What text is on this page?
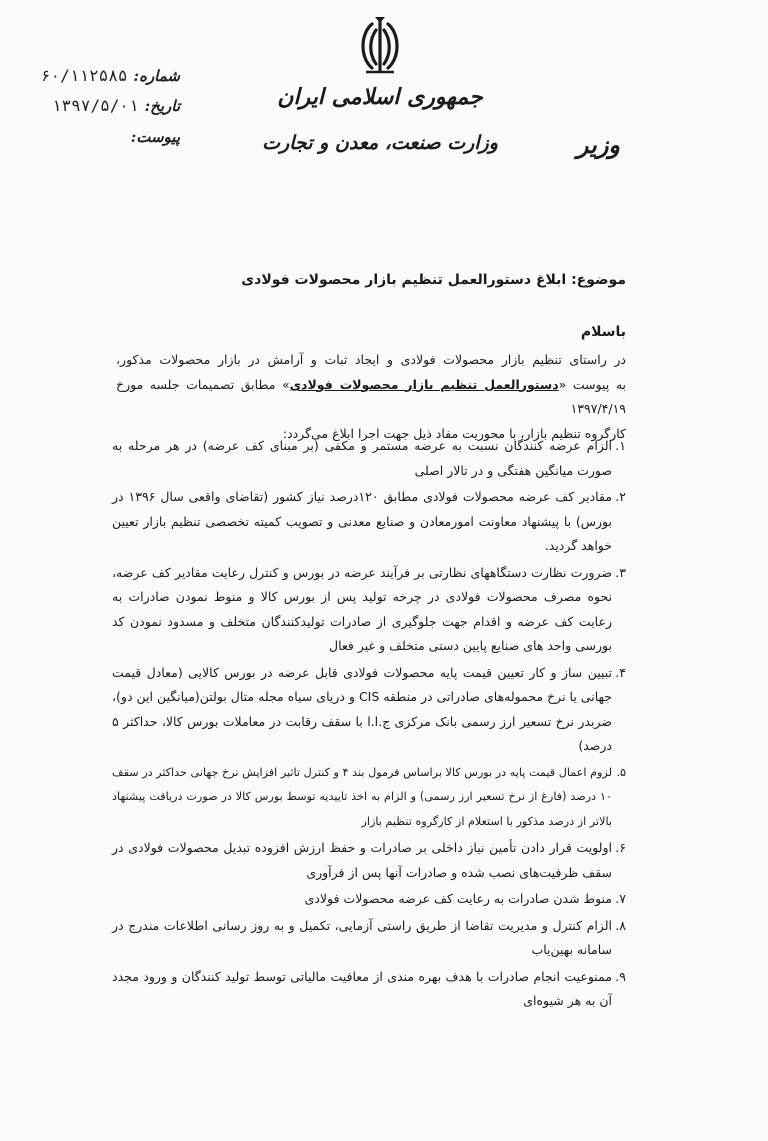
جمهوری اسلامی ایران
وزارت صنعت، معدن و تجارت	وزیر
شماره:۶۰/۱۱۲۵۸۵
تاریخ:۱۳۹۷/۵/۰۱
پیوست:
موضوع: ابلاغ دستورالعمل تنظیم بازار محصولات فولادی
باسلام
در راستای تنظیم بازار محصولات فولادی و ایجاد ثبات و آرامش در بازار محصولات مذکور،
به پیوست «دستورالعمل تنظیم بازار محصولات فولادی» مطابق تصمیمات جلسه مورخ ۱۳۹۷/۴/۱۹
کارگروه تنظیم بازار، با محوریت مفاد ذیل جهت اجرا ابلاغ می‌گردد:
۱.
الزام عرضه کنندگان نسبت به عرضه مستمر و مکفی (بر مبنای کف عرضه) در هر مرحله به صورت میانگین هفتگی و در تالار اصلی
۲.
مقادیر کف عرضه محصولات فولادی مطابق ۱۲۰درصد نیاز کشور (تقاضای واقعی سال ۱۳۹۶ در بورس) با پیشنهاد معاونت امورمعادن و صنایع معدنی و تصویب کمیته تخصصی تنظیم بازار تعیین خواهد گردید.
۳.
ضرورت نظارت دستگاههای نظارتی بر فرآیند عرضه در بورس و کنترل رعایت مقادیر کف عرضه، نحوه مصرف محصولات فولادی در چرخه تولید پس از بورس کالا و منوط نمودن صادرات به رعایت کف عرضه و اقدام جهت جلوگیری از صادرات تولیدکنندگان متخلف و مسدود نمودن کد بورسی واحد های صنایع پایین دستی متخلف و غیر فعال
۴.
تبیین ساز و کار تعیین قیمت پایه محصولات فولادی قابل عرضه در بورس کالایی (معادل قیمت جهانی یا نرخ محموله‌های صادراتی در منطقه CIS و دریای سیاه مجله متال بولتن(میانگین این دو)، ضربدر نرخ تسعیر ارز رسمی بانک مرکزی ج.ا.ا با سقف رقابت در معاملات بورس کالا، حداکثر ۵ درصد)
۵.
لزوم اعمال قیمت پایه در بورس کالا براساس فرمول بند ۴ و کنترل تاثیر افزایش نرخ جهانی حداکثر در سقف ۱۰ درصد (فارغ از نرخ تسعیر ارز رسمی) و الزام به اخذ تاییدیه توسط بورس کالا در صورت دریافت پیشنهاد بالاتر از درصد مذکور با استعلام از کارگروه تنظیم بازار
۶.
اولویت قرار دادن تأمین نیاز داخلی بر صادرات و حفظ ارزش افزوده تبدیل محصولات فولادی در سقف ظرفیت‌های نصب شده و صادرات آنها پس از فرآوری
۷.
منوط شدن صادرات به رعایت کف عرضه محصولات فولادی
۸.
الزام کنترل و مدیریت تقاضا از طریق راستی آزمایی، تکمیل و به روز رسانی اطلاعات مندرج در سامانه بهین‌یاب
۹.
ممنوعیت انجام صادرات با هدف بهره مندی از معافیت مالیاتی توسط تولید کنندگان و ورود مجدد آن به هر شیوه‌ای
